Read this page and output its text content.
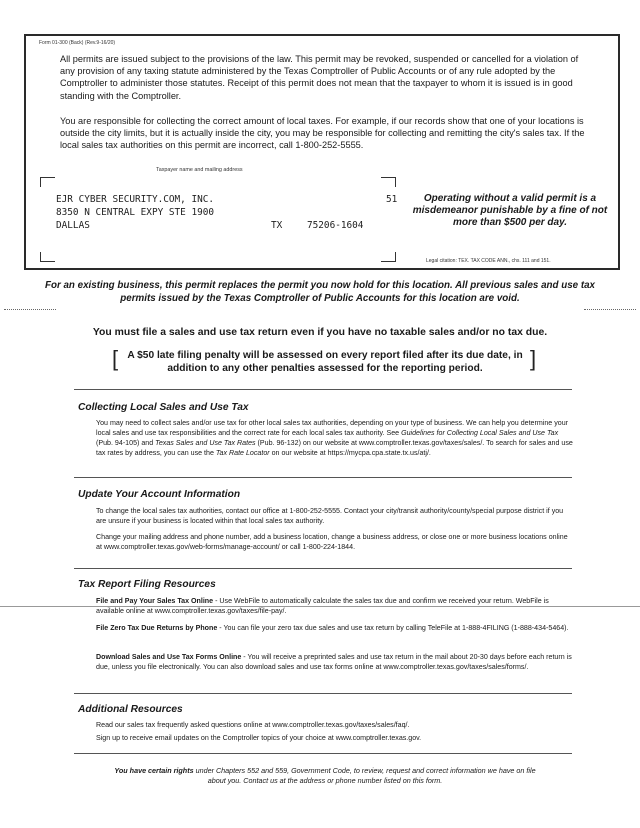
Form 01-300 (Back) (Rev.9-16/20)

All permits are issued subject to the provisions of the law. This permit may be revoked, suspended or cancelled for a violation of any provision of any taxing statute administered by the Texas Comptroller of Public Accounts or of any rule adopted by the Comptroller to administer those statutes. Receipt of this permit does not mean that the taxpayer to whom it is issued is in good standing with the Comptroller.

You are responsible for collecting the correct amount of local taxes. For example, if our records show that one of your locations is outside the city limits, but it is actually inside the city, you may be responsible for collecting and remitting the city's sales tax. If the local sales tax authorities on this permit are incorrect, call 1-800-252-5555.

Taxpayer name and mailing address
EJR CYBER SECURITY.COM, INC.
8350 N CENTRAL EXPY STE 1900
DALLAS	TX	75206-1604
51	Operating without a valid permit is a misdemeanor punishable by a fine of not more than $500 per day.

Legal citation: TEX. TAX CODE ANN., chs. 111 and 151.

For an existing business, this permit replaces the permit you now hold for this location. All previous sales and use tax permits issued by the Texas Comptroller of Public Accounts for this location are void.

You must file a sales and use tax return even if you have no taxable sales and/or no tax due.

[ A $50 late filing penalty will be assessed on every report filed after its due date, in addition to any other penalties assessed for the reporting period.	]
Collecting Local Sales and Use Tax

You may need to collect sales and/or use tax for other local sales tax authorities, depending on your type of business. We can help you determine your local sales and use tax responsibilities and the correct rate for each local sales tax authority. See Guidelines for Collecting Local Sales and Use Tax (Pub. 94-105) and Texas Sales and Use Tax Rates (Pub. 96-132) on our website at www.comptroller.texas.gov/taxes/sales/. To search for sales and use tax rates by address, you can use the Tax Rate Locator on our website at https://mycpa.cpa.state.tx.us/atj/.

Update Your Account Information

To change the local sales tax authorities, contact our office at 1-800-252-5555. Contact your city/transit authority/county/special purpose district if you are unsure if your business is located within that local sales tax authority.

Change your mailing address and phone number, add a business location, change a business address, or close one or more business locations online at www.comptroller.texas.gov/web-forms/manage-account/ or call 1-800-224-1844.

Tax Report Filing Resources

File and Pay Your Sales Tax Online - Use WebFile to automatically calculate the sales tax due and confirm we received your return. WebFile is available online at www.comptroller.texas.gov/taxes/file-pay/.

File Zero Tax Due Returns by Phone - You can file your zero tax due sales and use tax return by calling TeleFile at 1-888-4FILING (1-888-434-5464).

Download Sales and Use Tax Forms Online - You will receive a preprinted sales and use tax return in the mail about 20-30 days before each return is due, unless you file electronically. You can also download sales and use tax forms online at www.comptroller.texas.gov/taxes/sales/forms/.

Additional Resources

Read our sales tax frequently asked questions online at www.comptroller.texas.gov/taxes/sales/faq/.

Sign up to receive email updates on the Comptroller topics of your choice at www.comptroller.texas.gov.

You have certain rights under Chapters 552 and 559, Government Code, to review, request and correct information we have on file about you. Contact us at the address or phone number listed on this form.
